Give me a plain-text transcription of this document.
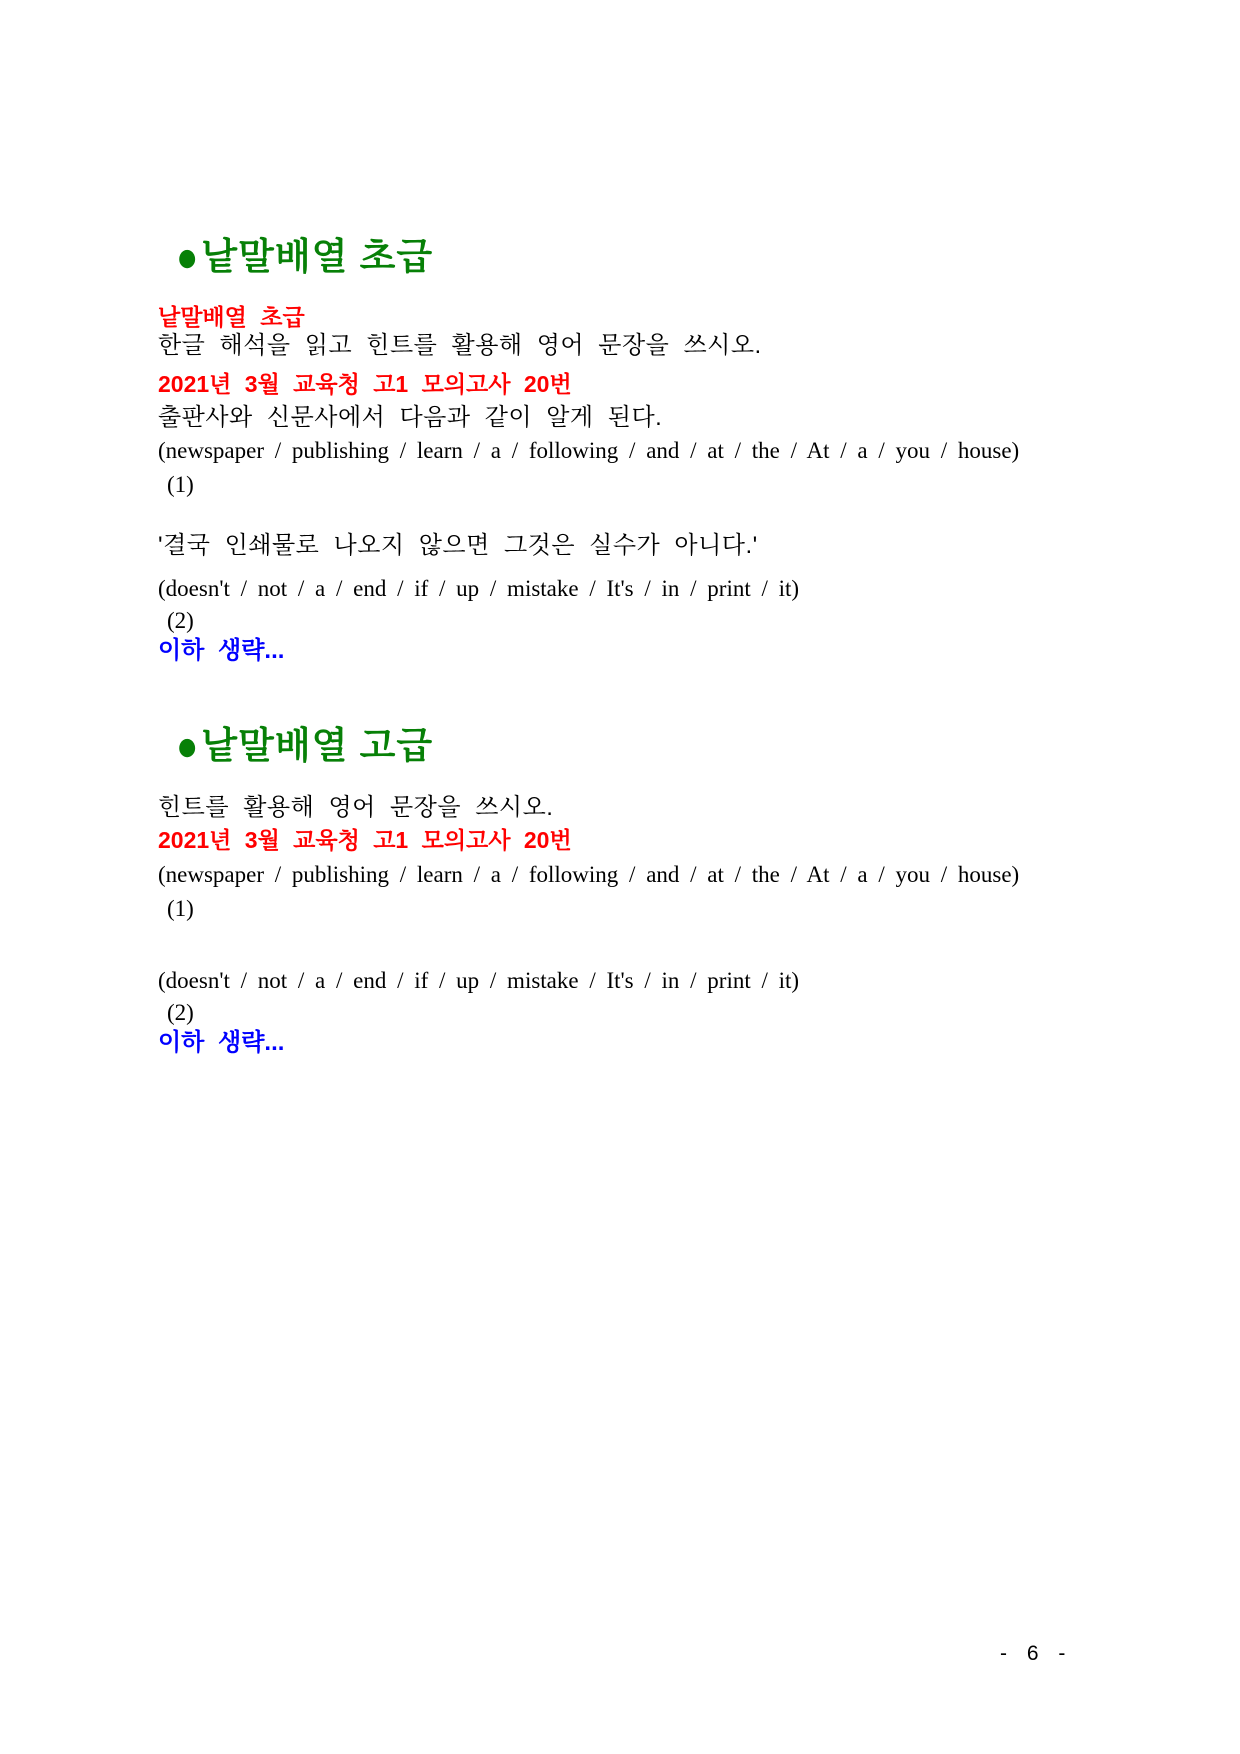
●낱말배열 초급

낱말배열 초급

한글 해석을 읽고 힌트를 활용해 영어 문장을 쓰시오.

2021년 3월 교육청 고1 모의고사 20번

출판사와 신문사에서 다음과 같이 알게 된다.

(newspaper / publishing / learn / a / following / and / at / the / At / a / you / house)

(1)

'결국 인쇄물로 나오지 않으면 그것은 실수가 아니다.'

(doesn't / not / a / end / if / up / mistake / It's / in / print / it)

(2)

이하 생략...

●낱말배열 고급

힌트를 활용해 영어 문장을 쓰시오.

2021년 3월 교육청 고1 모의고사 20번

(newspaper / publishing / learn / a / following / and / at / the / At / a / you / house)

(1)

(doesn't / not / a / end / if / up / mistake / It's / in / print / it)

(2)

이하 생략...

- 6 -
